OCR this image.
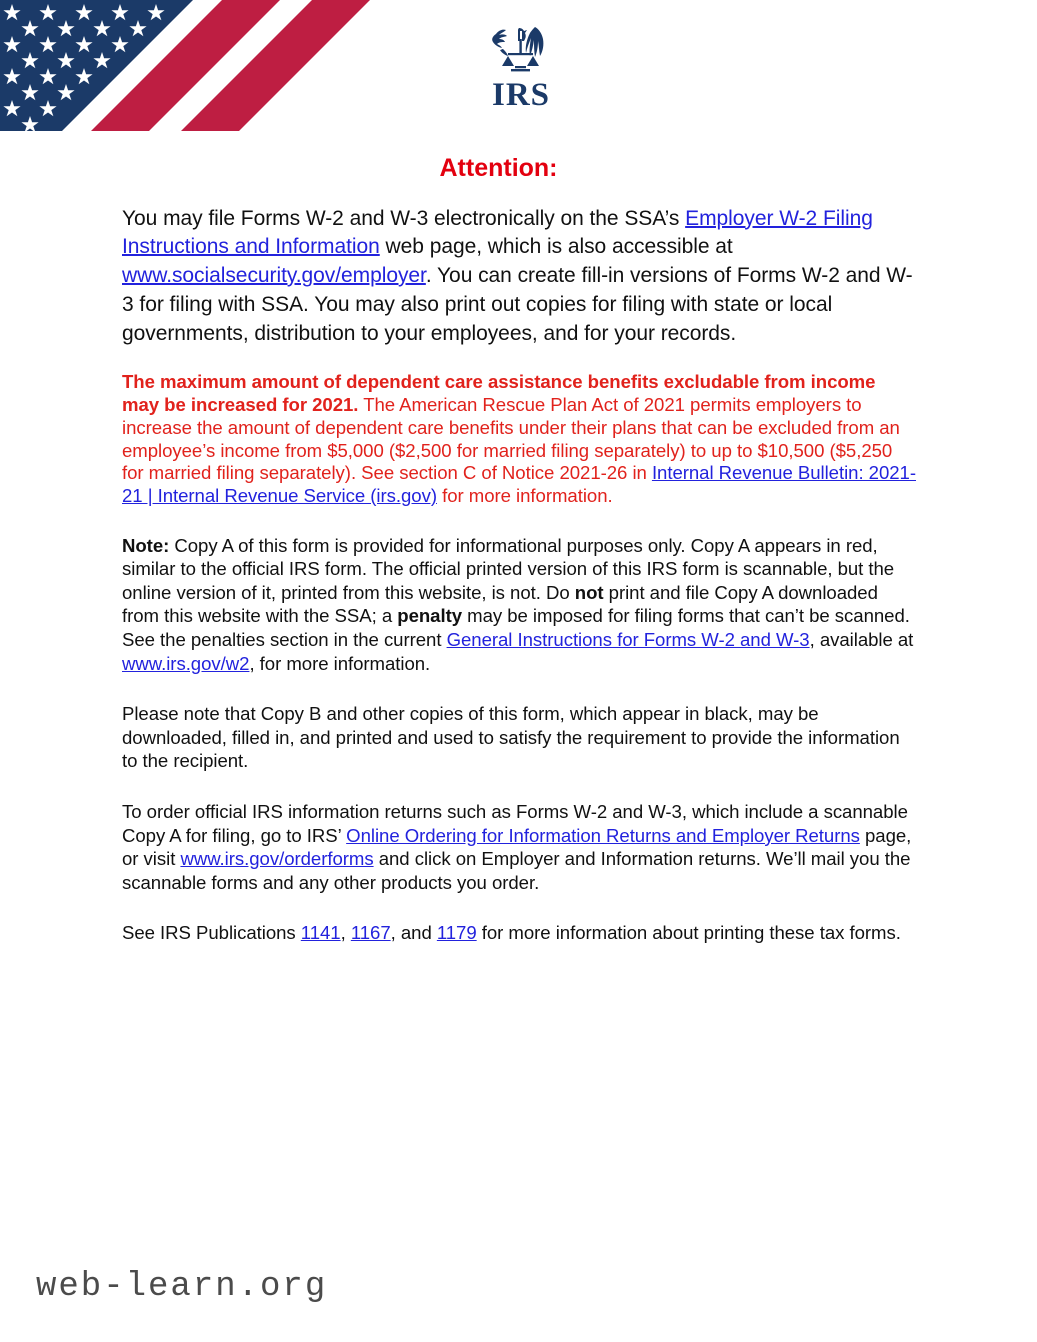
IRS
Attention:

You may file Forms W-2 and W-3 electronically on the SSA’s Employer W-2 Filing Instructions and Information web page, which is also accessible at www.socialsecurity.gov/employer. You can create fill-in versions of Forms W-2 and W-3 for filing with SSA. You may also print out copies for filing with state or local governments, distribution to your employees, and for your records.

The maximum amount of dependent care assistance benefits excludable from income may be increased for 2021. The American Rescue Plan Act of 2021 permits employers to increase the amount of dependent care benefits under their plans that can be excluded from an employee’s income from $5,000 ($2,500 for married filing separately) to up to $10,500 ($5,250 for married filing separately). See section C of Notice 2021-26 in Internal Revenue Bulletin: 2021-21 | Internal Revenue Service (irs.gov) for more information.

Note: Copy A of this form is provided for informational purposes only. Copy A appears in red, similar to the official IRS form. The official printed version of this IRS form is scannable, but the online version of it, printed from this website, is not. Do not print and file Copy A downloaded from this website with the SSA; a penalty may be imposed for filing forms that can’t be scanned. See the penalties section in the current General Instructions for Forms W-2 and W-3, available at www.irs.gov/w2, for more information.

Please note that Copy B and other copies of this form, which appear in black, may be downloaded, filled in, and printed and used to satisfy the requirement to provide the information to the recipient.

To order official IRS information returns such as Forms W-2 and W-3, which include a scannable Copy A for filing, go to IRS’ Online Ordering for Information Returns and Employer Returns page, or visit www.irs.gov/orderforms and click on Employer and Information returns. We’ll mail you the scannable forms and any other products you order.

See IRS Publications 1141, 1167, and 1179 for more information about printing these tax forms.

web-learn.org
